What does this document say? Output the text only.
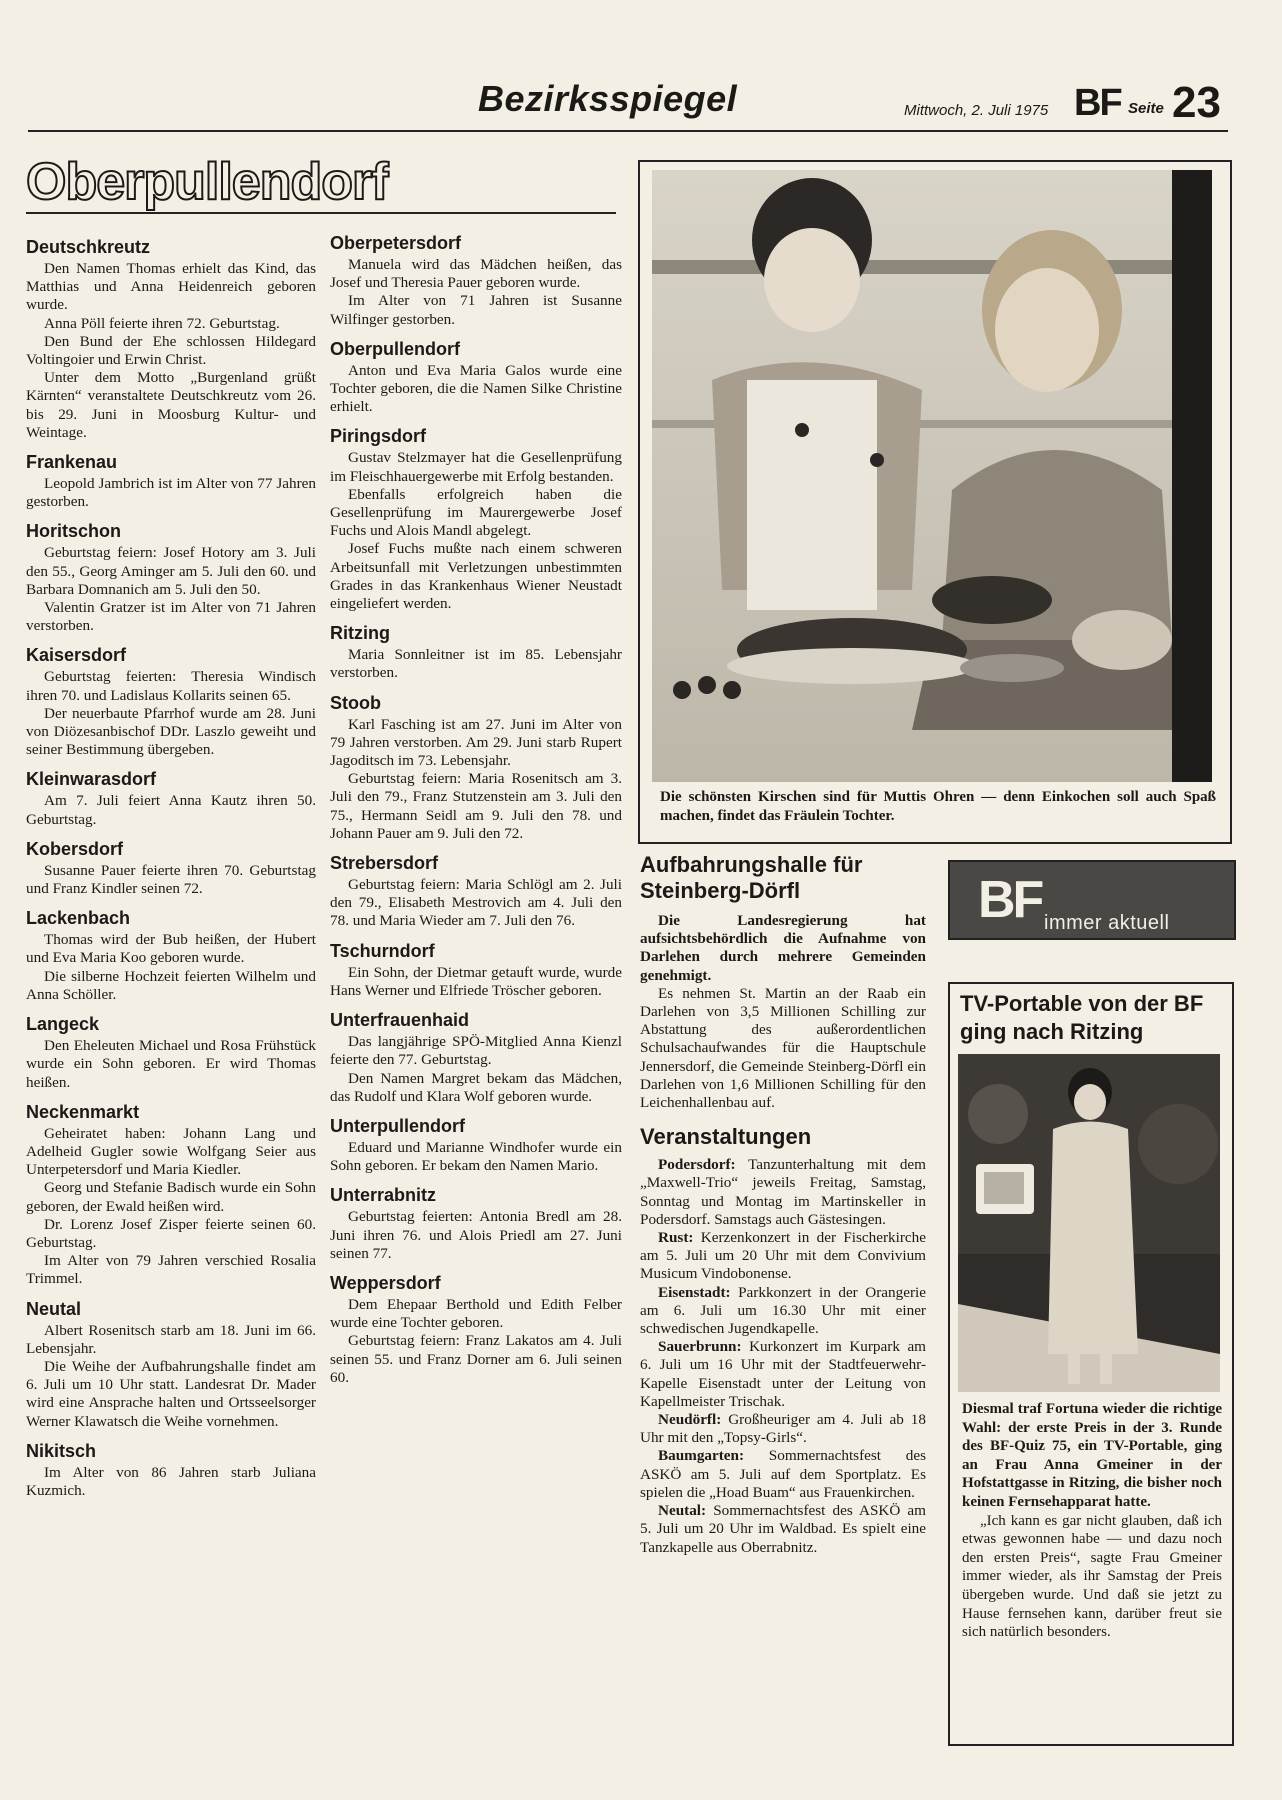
Bezirksspiegel	Mittwoch, 2. Juli 1975 BF Seite 23
Oberpullendorf
Deutschkreutz

Den Namen Thomas erhielt das Kind, das Matthias und Anna Heidenreich geboren wurde.

Anna Pöll feierte ihren 72. Geburtstag.

Den Bund der Ehe schlossen Hildegard Voltingoier und Erwin Christ.

Unter dem Motto „Burgenland grüßt Kärnten“ veranstaltete Deutschkreutz vom 26. bis 29. Juni in Moosburg Kultur- und Weintage.

Frankenau

Leopold Jambrich ist im Alter von 77 Jahren gestorben.

Horitschon

Geburtstag feiern: Josef Hotory am 3. Juli den 55., Georg Aminger am 5. Juli den 60. und Barbara Domnanich am 5. Juli den 50.

Valentin Gratzer ist im Alter von 71 Jahren verstorben.

Kaisersdorf

Geburtstag feierten: Theresia Windisch ihren 70. und Ladislaus Kollarits seinen 65.

Der neuerbaute Pfarrhof wurde am 28. Juni von Diözesanbischof DDr. Laszlo geweiht und seiner Bestimmung übergeben.

Kleinwarasdorf

Am 7. Juli feiert Anna Kautz ihren 50. Geburtstag.

Kobersdorf

Susanne Pauer feierte ihren 70. Geburtstag und Franz Kindler seinen 72.

Lackenbach

Thomas wird der Bub heißen, der Hubert und Eva Maria Koo geboren wurde.

Die silberne Hochzeit feierten Wilhelm und Anna Schöller.

Langeck

Den Eheleuten Michael und Rosa Frühstück wurde ein Sohn geboren. Er wird Thomas heißen.

Neckenmarkt

Geheiratet haben: Johann Lang und Adelheid Gugler sowie Wolfgang Seier aus Unterpetersdorf und Maria Kiedler.

Georg und Stefanie Badisch wurde ein Sohn geboren, der Ewald heißen wird.

Dr. Lorenz Josef Zisper feierte seinen 60. Geburtstag.

Im Alter von 79 Jahren verschied Rosalia Trimmel.

Neutal

Albert Rosenitsch starb am 18. Juni im 66. Lebensjahr.

Die Weihe der Aufbahrungshalle findet am 6. Juli um 10 Uhr statt. Landesrat Dr. Mader wird eine Ansprache halten und Ortsseelsorger Werner Klawatsch die Weihe vornehmen.

Nikitsch

Im Alter von 86 Jahren starb Juliana Kuzmich.

Oberpetersdorf

Manuela wird das Mädchen heißen, das Josef und Theresia Pauer geboren wurde.

Im Alter von 71 Jahren ist Susanne Wilfinger gestorben.

Oberpullendorf

Anton und Eva Maria Galos wurde eine Tochter geboren, die die Namen Silke Christine erhielt.

Piringsdorf

Gustav Stelzmayer hat die Gesellenprüfung im Fleischhauergewerbe mit Erfolg bestanden.

Ebenfalls erfolgreich haben die Gesellenprüfung im Maurergewerbe Josef Fuchs und Alois Mandl abgelegt.

Josef Fuchs mußte nach einem schweren Arbeitsunfall mit Verletzungen unbestimmten Grades in das Krankenhaus Wiener Neustadt eingeliefert werden.

Ritzing

Maria Sonnleitner ist im 85. Lebensjahr verstorben.

Stoob

Karl Fasching ist am 27. Juni im Alter von 79 Jahren verstorben. Am 29. Juni starb Rupert Jagoditsch im 73. Lebensjahr.

Geburtstag feiern: Maria Rosenitsch am 3. Juli den 79., Franz Stutzenstein am 3. Juli den 75., Hermann Seidl am 9. Juli den 78. und Johann Pauer am 9. Juli den 72.

Strebersdorf

Geburtstag feiern: Maria Schlögl am 2. Juli den 79., Elisabeth Mestrovich am 4. Juli den 78. und Maria Wieder am 7. Juli den 76.

Tschurndorf

Ein Sohn, der Dietmar getauft wurde, wurde Hans Werner und Elfriede Tröscher geboren.

Unterfrauenhaid

Das langjährige SPÖ-Mitglied Anna Kienzl feierte den 77. Geburtstag.

Den Namen Margret bekam das Mädchen, das Rudolf und Klara Wolf geboren wurde.

Unterpullendorf

Eduard und Marianne Windhofer wurde ein Sohn geboren. Er bekam den Namen Mario.

Unterrabnitz

Geburtstag feierten: Antonia Bredl am 28. Juni ihren 76. und Alois Priedl am 27. Juni seinen 77.

Weppersdorf

Dem Ehepaar Berthold und Edith Felber wurde eine Tochter geboren.

Geburtstag feiern: Franz Lakatos am 4. Juli seinen 55. und Franz Dorner am 6. Juli seinen 60.

Die schönsten Kirschen sind für Muttis Ohren — denn Einkochen soll auch Spaß machen, findet das Fräulein Tochter.
Aufbahrungshalle für Steinberg-Dörfl

Die Landesregierung hat aufsichtsbehördlich die Aufnahme von Darlehen durch mehrere Gemeinden genehmigt.

Es nehmen St. Martin an der Raab ein Darlehen von 3,5 Millionen Schilling zur Abstattung des außerordentlichen Schulsachaufwandes für die Hauptschule Jennersdorf, die Gemeinde Steinberg-Dörfl ein Darlehen von 1,6 Millionen Schilling für den Leichenhallenbau auf.

Veranstaltungen

Podersdorf: Tanzunterhaltung mit dem „Maxwell-Trio“ jeweils Freitag, Samstag, Sonntag und Montag im Martinskeller in Podersdorf. Samstags auch Gästesingen.

Rust: Kerzenkonzert in der Fischerkirche am 5. Juli um 20 Uhr mit dem Convivium Musicum Vindobonense.

Eisenstadt: Parkkonzert in der Orangerie am 6. Juli um 16.30 Uhr mit einer schwedischen Jugendkapelle.

Sauerbrunn: Kurkonzert im Kurpark am 6. Juli um 16 Uhr mit der Stadtfeuerwehr-Kapelle Eisenstadt unter der Leitung von Kapellmeister Trischak.

Neudörfl: Großheuriger am 4. Juli ab 18 Uhr mit den „Topsy-Girls“.

Baumgarten: Sommernachtsfest des ASKÖ am 5. Juli auf dem Sportplatz. Es spielen die „Hoad Buam“ aus Frauenkirchen.

Neutal: Sommernachtsfest des ASKÖ am 5. Juli um 20 Uhr im Waldbad. Es spielt eine Tanzkapelle aus Oberrabnitz.

BF immer aktuell
TV-Portable von der BF ging nach Ritzing

Diesmal traf Fortuna wieder die richtige Wahl: der erste Preis in der 3. Runde des BF-Quiz 75, ein TV-Portable, ging an Frau Anna Gmeiner in der Hofstattgasse in Ritzing, die bisher noch keinen Fernsehapparat hatte.

„Ich kann es gar nicht glauben, daß ich etwas gewonnen habe — und dazu noch den ersten Preis“, sagte Frau Gmeiner immer wieder, als ihr Samstag der Preis übergeben wurde. Und daß sie jetzt zu Hause fernsehen kann, darüber freut sie sich natürlich besonders.
